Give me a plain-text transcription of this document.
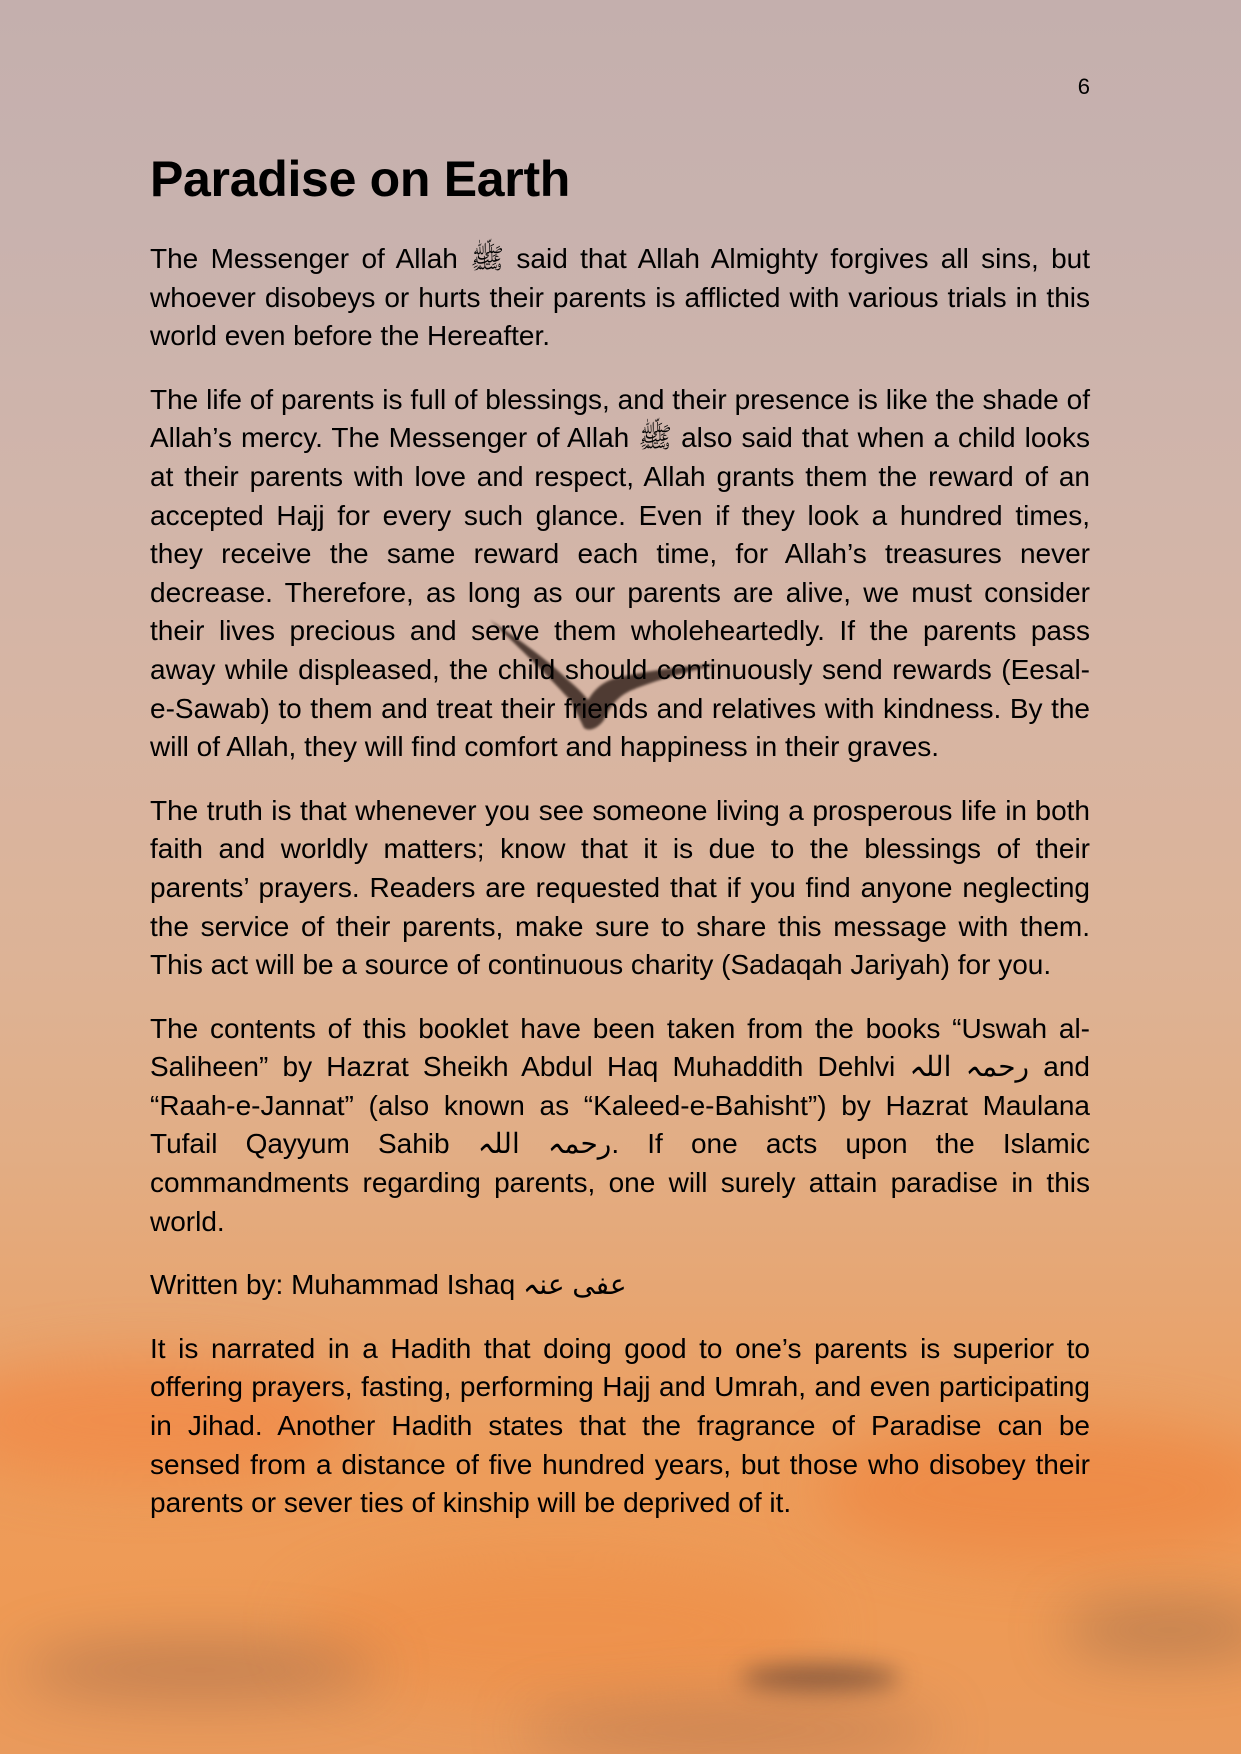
6
Paradise on Earth

The Messenger of Allah ﷺ said that Allah Almighty forgives all sins, but whoever disobeys or hurts their parents is afflicted with various trials in this world even before the Hereafter.

The life of parents is full of blessings, and their presence is like the shade of Allah’s mercy. The Messenger of Allah ﷺ also said that when a child looks at their parents with love and respect, Allah grants them the reward of an accepted Hajj for every such glance. Even if they look a hundred times, they receive the same reward each time, for Allah’s treasures never decrease. Therefore, as long as our parents are alive, we must consider their lives precious and serve them wholeheartedly. If the parents pass away while displeased, the child should continuously send rewards (Eesal-e-Sawab) to them and treat their friends and relatives with kindness. By the will of Allah, they will find comfort and happiness in their graves.

The truth is that whenever you see someone living a prosperous life in both faith and worldly matters; know that it is due to the blessings of their parents’ prayers. Readers are requested that if you find anyone neglecting the service of their parents, make sure to share this message with them. This act will be a source of continuous charity (Sadaqah Jariyah) for you.

The contents of this booklet have been taken from the books “Uswah al-Saliheen” by Hazrat Sheikh Abdul Haq Muhaddith Dehlvi رحمہ اللہ and “Raah-e-Jannat” (also known as “Kaleed-e-Bahisht”) by Hazrat Maulana Tufail Qayyum Sahib رحمہ اللہ. If one acts upon the Islamic commandments regarding parents, one will surely attain paradise in this world.

Written by: Muhammad Ishaq عفی عنہ

It is narrated in a Hadith that doing good to one’s parents is superior to offering prayers, fasting, performing Hajj and Umrah, and even participating in Jihad. Another Hadith states that the fragrance of Paradise can be sensed from a distance of five hundred years, but those who disobey their parents or sever ties of kinship will be deprived of it.
